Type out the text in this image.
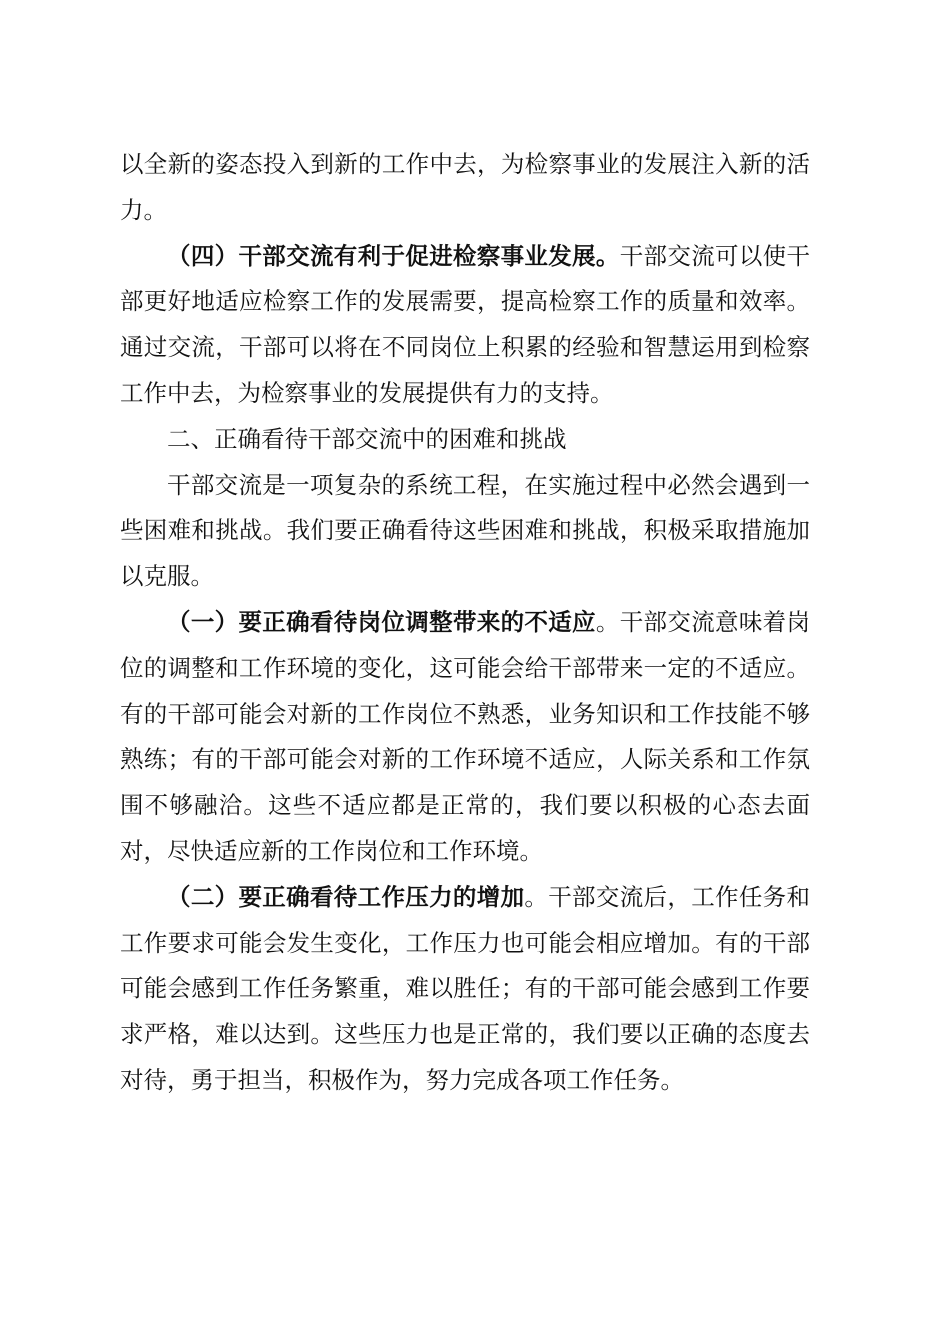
以全新的姿态投入到新的工作中去，为检察事业的发展注入新的活力。

（四）干部交流有利于促进检察事业发展。干部交流可以使干部更好地适应检察工作的发展需要，提高检察工作的质量和效率。通过交流，干部可以将在不同岗位上积累的经验和智慧运用到检察工作中去，为检察事业的发展提供有力的支持。

二、正确看待干部交流中的困难和挑战

干部交流是一项复杂的系统工程，在实施过程中必然会遇到一些困难和挑战。我们要正确看待这些困难和挑战，积极采取措施加以克服。

（一）要正确看待岗位调整带来的不适应。干部交流意味着岗位的调整和工作环境的变化，这可能会给干部带来一定的不适应。有的干部可能会对新的工作岗位不熟悉，业务知识和工作技能不够熟练；有的干部可能会对新的工作环境不适应，人际关系和工作氛围不够融洽。这些不适应都是正常的，我们要以积极的心态去面对，尽快适应新的工作岗位和工作环境。

（二）要正确看待工作压力的增加。干部交流后，工作任务和工作要求可能会发生变化，工作压力也可能会相应增加。有的干部可能会感到工作任务繁重，难以胜任；有的干部可能会感到工作要求严格，难以达到。这些压力也是正常的，我们要以正确的态度去对待，勇于担当，积极作为，努力完成各项工作任务。
